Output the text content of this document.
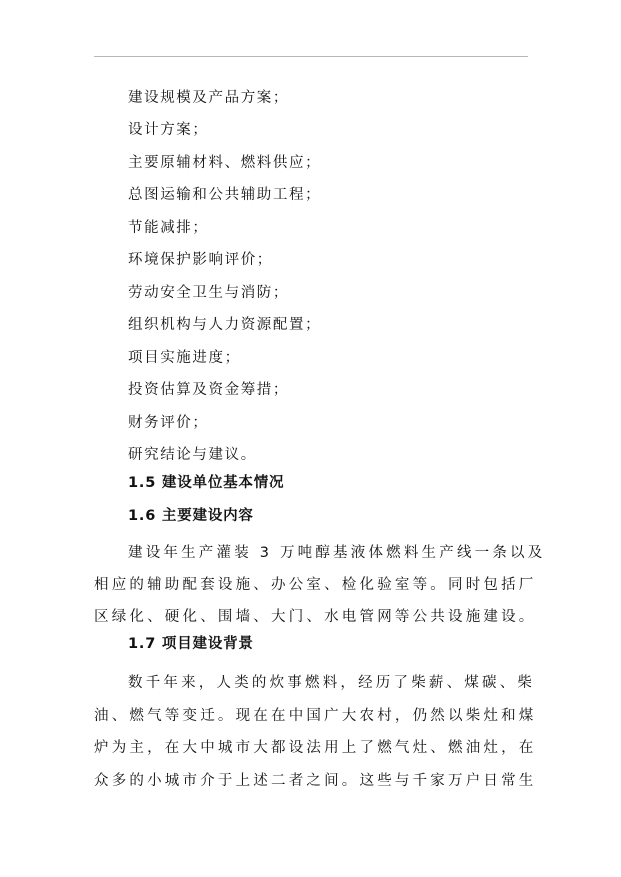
建设规模及产品方案；
设计方案；
主要原辅材料、燃料供应；
总图运输和公共辅助工程；
节能减排；
环境保护影响评价；
劳动安全卫生与消防；
组织机构与人力资源配置；
项目实施进度；
投资估算及资金筹措；
财务评价；
研究结论与建议。
1.5 建设单位基本情况
1.6 主要建设内容
建设年生产灌装 3 万吨醇基液体燃料生产线一条以及
相应的辅助配套设施、办公室、检化验室等。同时包括厂
区绿化、硬化、围墙、大门、水电管网等公共设施建设。
1.7 项目建设背景
数千年来，人类的炊事燃料，经历了柴薪、煤碳、柴
油、燃气等变迁。现在在中国广大农村，仍然以柴灶和煤
炉为主，在大中城市大都设法用上了燃气灶、燃油灶，在
众多的小城市介于上述二者之间。这些与千家万户日常生
